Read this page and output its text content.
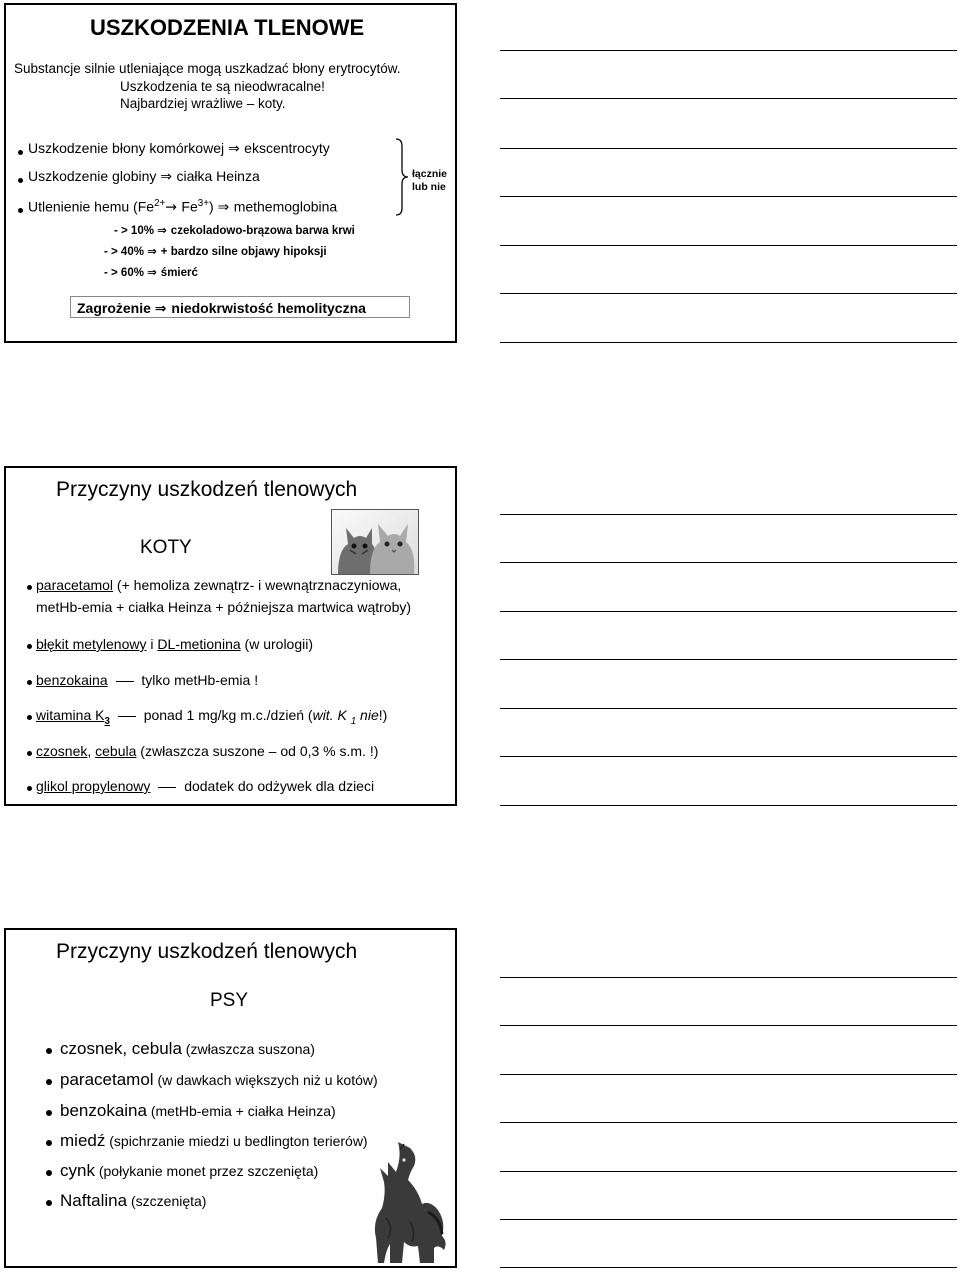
USZKODZENIA TLENOWE
Substancje silnie utleniające mogą uszkadzać błony erytrocytów.
Uszkodzenia te są nieodwracalne!
Najbardziej wrażliwe – koty.
Uszkodzenie błony komórkowej ⇒ ekscentrocyty
Uszkodzenie globiny ⇒ ciałka Heinza
Utlenienie hemu $(Fe^{2+}\to Fe^{3+})$ ⇒ methemoglobina
łącznie
lub nie
- > 10% ⇒ czekoladowo-brązowa barwa krwi
- > 40% ⇒ + bardzo silne objawy hipoksji
- > 60% ⇒ śmierć
Zagrożenie ⇒ niedokrwistość hemolityczna
Przyczyny uszkodzeń tlenowych
KOTY
paracetamol (+ hemoliza zewnątrz- i wewnątrznaczyniowa,
metHb-emia + ciałka Heinza + późniejsza martwica wątroby)
błękit metylenowy i DL-metionina (w urologii)
benzokaina tylko metHb-emia !
witamina $K_3$ ponad 1 mg/kg m.c./dzień (wit. K $_1$ nie!)
czosnek, cebula (zwłaszcza suszone – od 0,3 % s.m. !)
glikol propylenowy dodatek do odżywek dla dzieci
Przyczyny uszkodzeń tlenowych
PSY
czosnek, cebula (zwłaszcza suszona)
paracetamol (w dawkach większych niż u kotów)
benzokaina (metHb-emia + ciałka Heinza)
miedź (spichrzanie miedzi u bedlington terierów)
cynk (połykanie monet przez szczenięta)
Naftalina (szczenięta)
